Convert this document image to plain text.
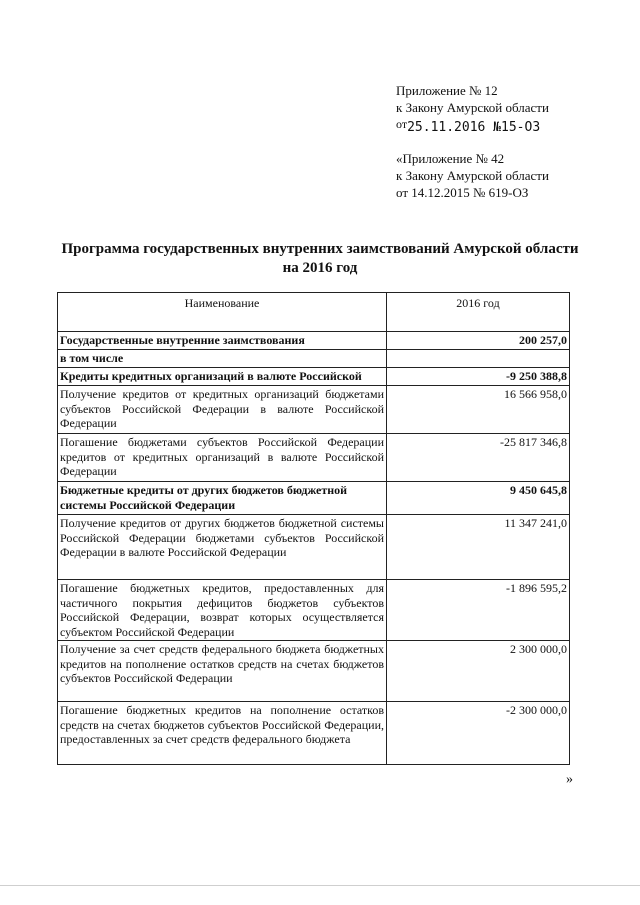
Приложение № 12
к Закону Амурской области
от25.11.2016 №15-ОЗ
«Приложение № 42
к Закону Амурской области
от 14.12.2015 № 619-ОЗ
Программа государственных внутренних заимствований Амурской области
на 2016 год
Наименование	2016 год
Государственные внутренние заимствования	200 257,0
в том числе	
Кредиты кредитных организаций в валюте Российской	-9 250 388,8
Получение кредитов от кредитных организаций бюджетами субъектов Российской Федерации в валюте Российской Федерации	16 566 958,0
Погашение бюджетами субъектов Российской Федерации кредитов от кредитных организаций в валюте Российской Федерации	-25 817 346,8
Бюджетные кредиты от других бюджетов бюджетной системы Российской Федерации	9 450 645,8
Получение кредитов от других бюджетов бюджетной системы Российской Федерации бюджетами субъектов Российской Федерации в валюте Российской Федерации	11 347 241,0
Погашение бюджетных кредитов, предоставленных для частичного покрытия дефицитов бюджетов субъектов Российской Федерации, возврат которых осуществляется субъектом Российской Федерации	-1 896 595,2
Получение за счет средств федерального бюджета бюджетных кредитов на пополнение остатков средств на счетах бюджетов субъектов Российской Федерации	2 300 000,0
Погашение бюджетных кредитов на пополнение остатков средств на счетах бюджетов субъектов Российской Федерации, предоставленных за счет средств федерального бюджета	-2 300 000,0
»
